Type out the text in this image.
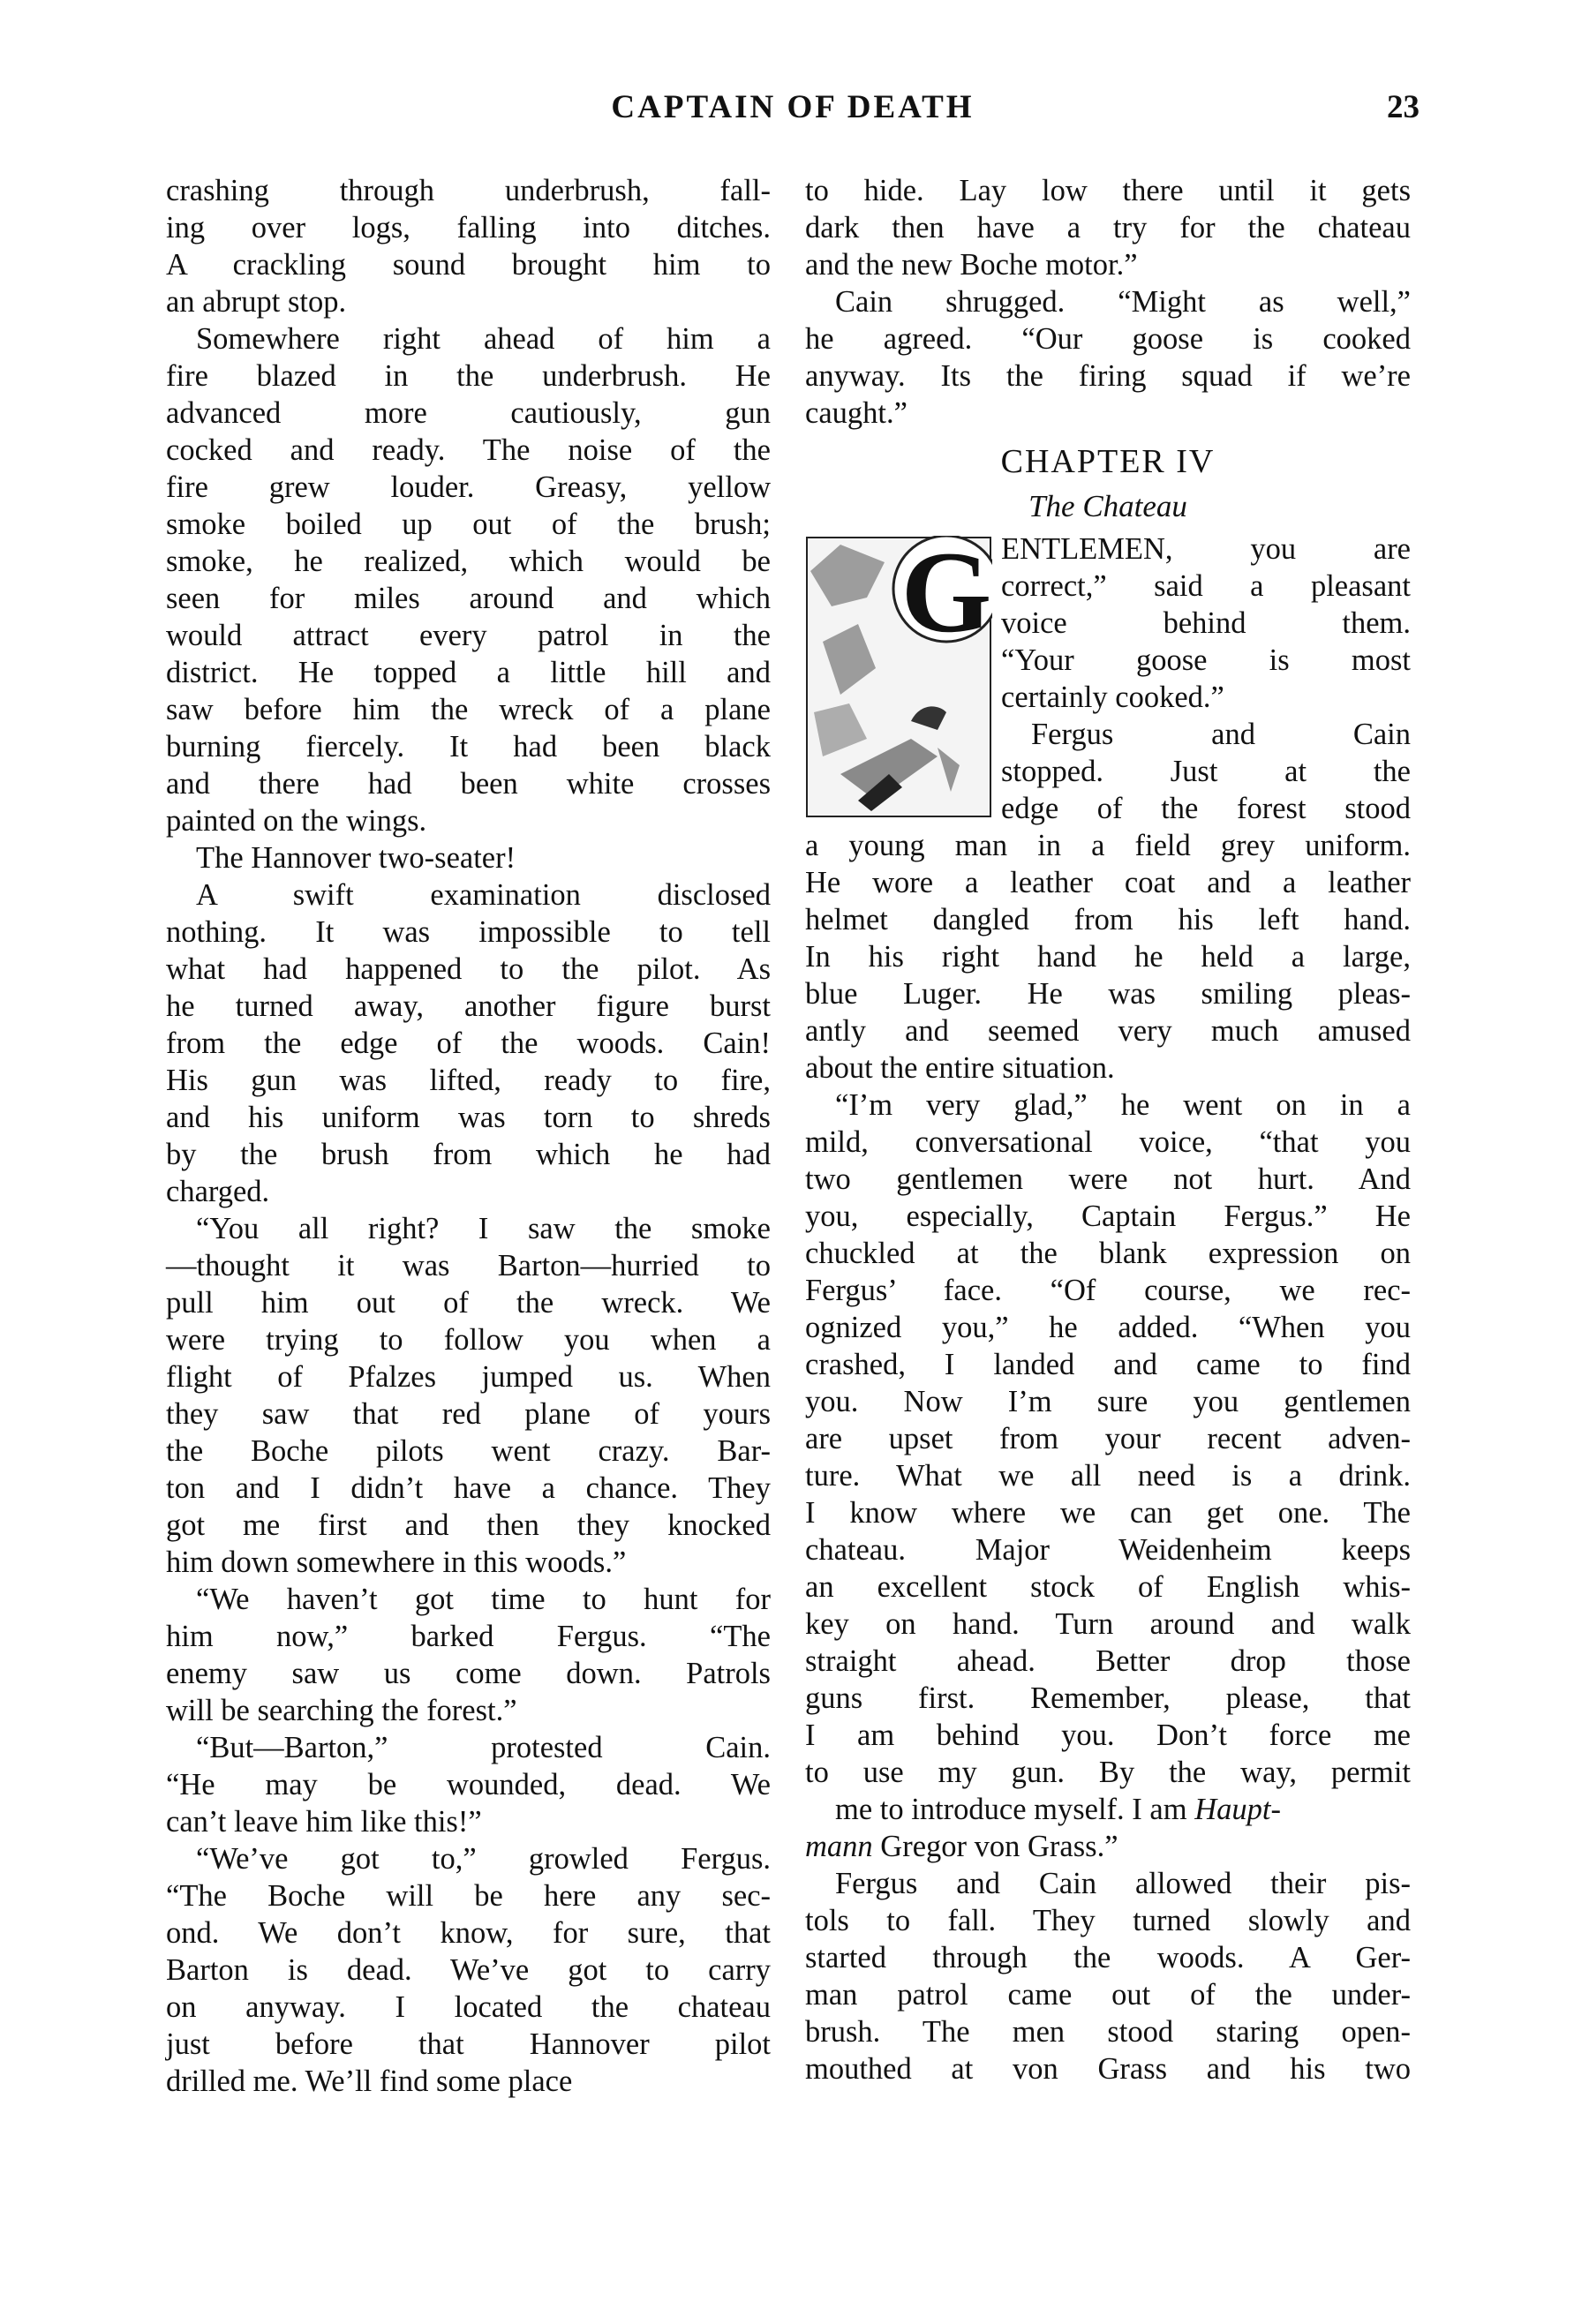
CAPTAIN OF DEATH	23
crashing through underbrush, fall-
ing over logs, falling into ditches.
A crackling sound brought him to
an abrupt stop.
Somewhere right ahead of him a
fire blazed in the underbrush. He
advanced more cautiously, gun
cocked and ready. The noise of the
fire grew louder. Greasy, yellow
smoke boiled up out of the brush;
smoke, he realized, which would be
seen for miles around and which
would attract every patrol in the
district. He topped a little hill and
saw before him the wreck of a plane
burning fiercely. It had been black
and there had been white crosses
painted on the wings.
The Hannover two-seater!
A swift examination disclosed
nothing. It was impossible to tell
what had happened to the pilot. As
he turned away, another figure burst
from the edge of the woods. Cain!
His gun was lifted, ready to fire,
and his uniform was torn to shreds
by the brush from which he had
charged.
“You all right? I saw the smoke
—thought it was Barton—hurried to
pull him out of the wreck. We
were trying to follow you when a
flight of Pfalzes jumped us. When
they saw that red plane of yours
the Boche pilots went crazy. Bar-
ton and I didn’t have a chance. They
got me first and then they knocked
him down somewhere in this woods.”
“We haven’t got time to hunt for
him now,” barked Fergus. “The
enemy saw us come down. Patrols
will be searching the forest.”
“But—Barton,” protested Cain.
“He may be wounded, dead. We
can’t leave him like this!”
“We’ve got to,” growled Fergus.
“The Boche will be here any sec-
ond. We don’t know, for sure, that
Barton is dead. We’ve got to carry
on anyway. I located the chateau
just before that Hannover pilot
drilled me. We’ll find some place
to hide. Lay low there until it gets
dark then have a try for the chateau
and the new Boche motor.”
Cain shrugged. “Might as well,”
he agreed. “Our goose is cooked
anyway. Its the firing squad if we’re
caught.”
CHAPTER IV
The Chateau
G ENTLEMEN, you are
correct,” said a pleasant
voice behind them.
“Your goose is most
certainly cooked.”
Fergus and Cain
stopped. Just at the
edge of the forest stood
a young man in a field grey uniform.
He wore a leather coat and a leather
helmet dangled from his left hand.
In his right hand he held a large,
blue Luger. He was smiling pleas-
antly and seemed very much amused
about the entire situation.
“I’m very glad,” he went on in a
mild, conversational voice, “that you
two gentlemen were not hurt. And
you, especially, Captain Fergus.” He
chuckled at the blank expression on
Fergus’ face. “Of course, we rec-
ognized you,” he added. “When you
crashed, I landed and came to find
you. Now I’m sure you gentlemen
are upset from your recent adven-
ture. What we all need is a drink.
I know where we can get one. The
chateau. Major Weidenheim keeps
an excellent stock of English whis-
key on hand. Turn around and walk
straight ahead. Better drop those
guns first. Remember, please, that
I am behind you. Don’t force me
to use my gun. By the way, permit
me to introduce myself. I am Haupt-
mann Gregor von Grass.”
Fergus and Cain allowed their pis-
tols to fall. They turned slowly and
started through the woods. A Ger-
man patrol came out of the under-
brush. The men stood staring open-
mouthed at von Grass and his two
